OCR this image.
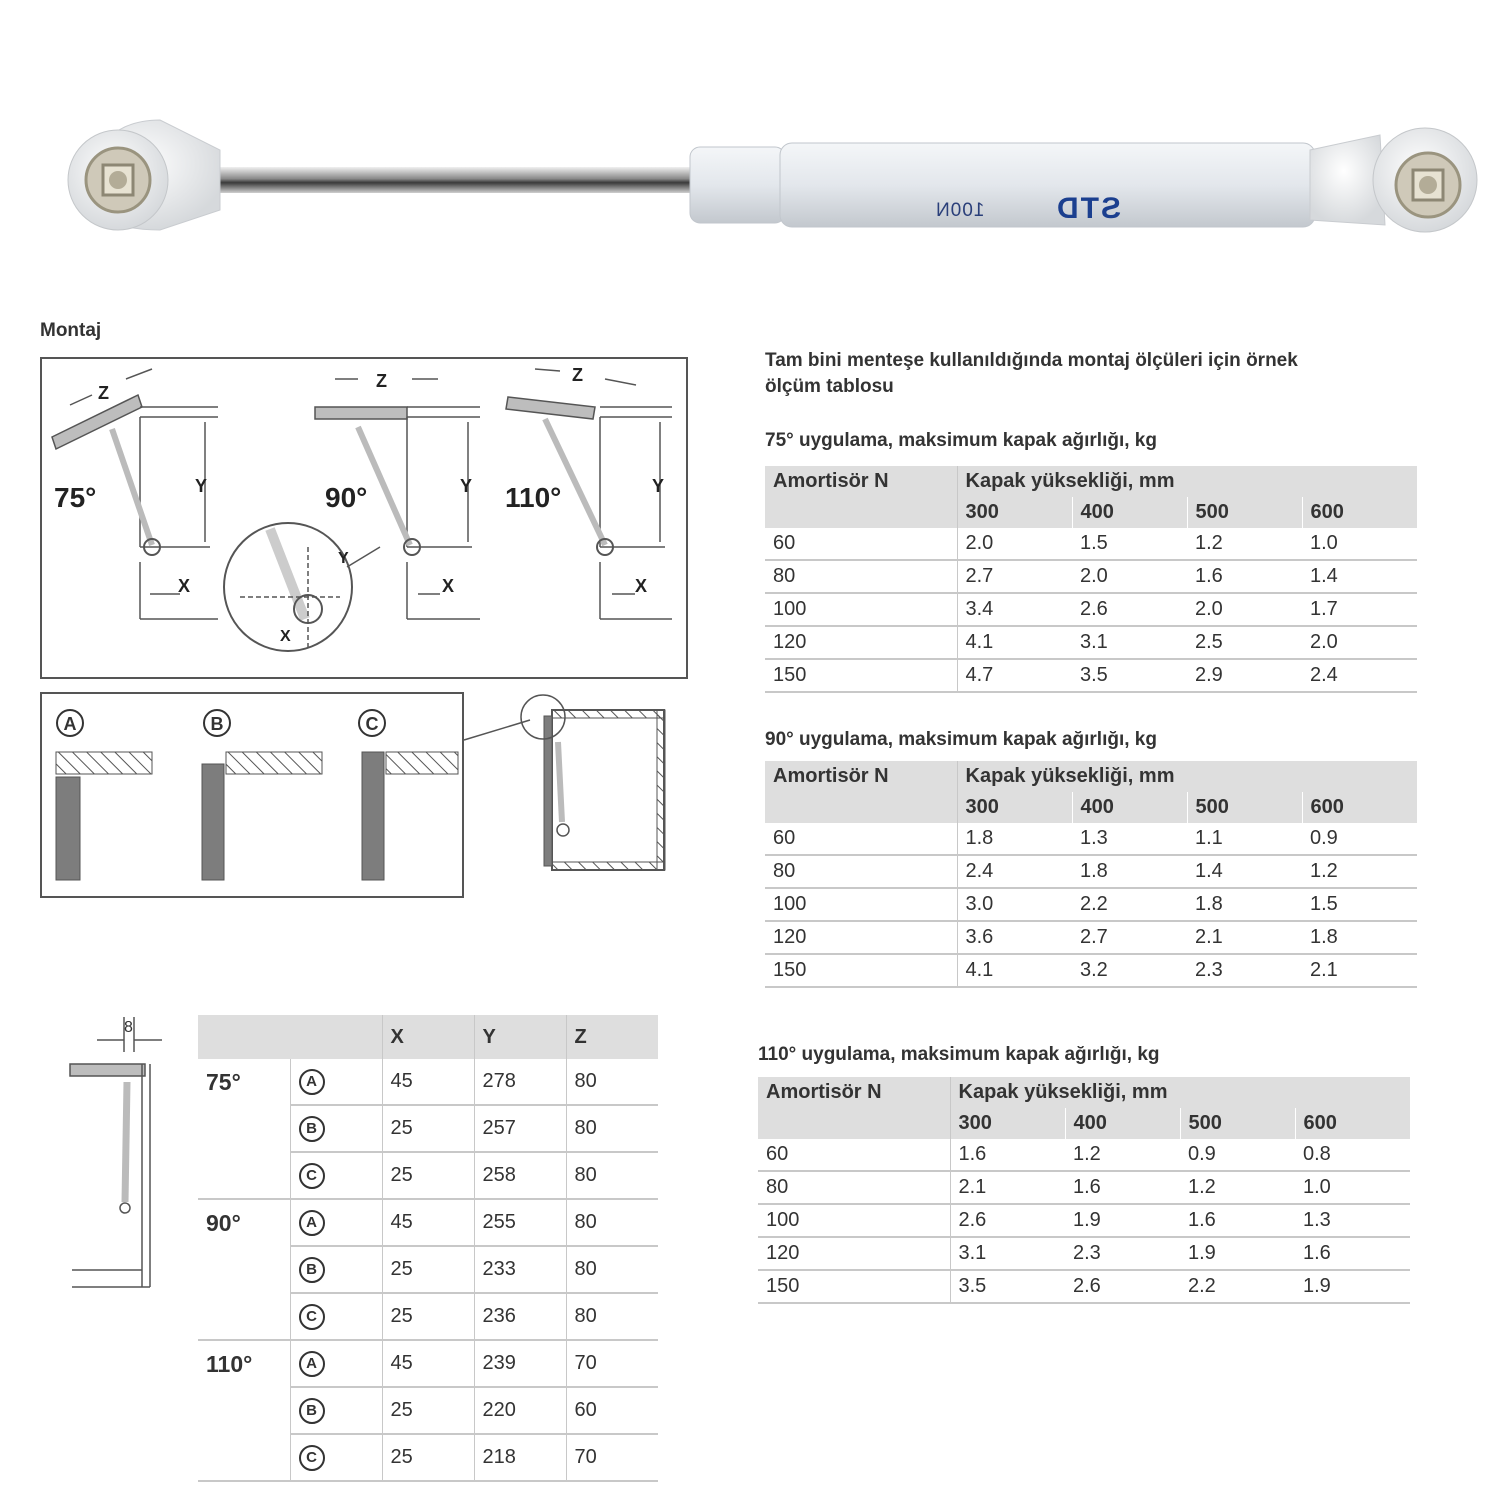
STD
100N
Montaj
75°	90°	110°
Y	Y	Y
X	X	X
Z
Z	Z
Y
X
A	B	C
8
			X	Y	Z
75°	A	45	278	80
	B	25	257	80
	C	25	258	80
90°	A	45	255	80
	B	25	233	80
	C	25	236	80
110°	A	45	239	70
	B	25	220	60
	C	25	218	70
Tam bini menteşe kullanıldığında montaj ölçüleri için örnek
ölçüm tablosu
75° uygulama, maksimum kapak ağırlığı, kg
Amortisör N	Kapak yüksekliği, mm			
	300	400	500	600
60	2.0	1.5	1.2	1.0
80	2.7	2.0	1.6	1.4
100	3.4	2.6	2.0	1.7
120	4.1	3.1	2.5	2.0
150	4.7	3.5	2.9	2.4
90° uygulama, maksimum kapak ağırlığı, kg
Amortisör N	Kapak yüksekliği, mm			
	300	400	500	600
60	1.8	1.3	1.1	0.9
80	2.4	1.8	1.4	1.2
100	3.0	2.2	1.8	1.5
120	3.6	2.7	2.1	1.8
150	4.1	3.2	2.3	2.1
110° uygulama, maksimum kapak ağırlığı, kg
Amortisör N	Kapak yüksekliği, mm			
	300	400	500	600
60	1.6	1.2	0.9	0.8
80	2.1	1.6	1.2	1.0
100	2.6	1.9	1.6	1.3
120	3.1	2.3	1.9	1.6
150	3.5	2.6	2.2	1.9
